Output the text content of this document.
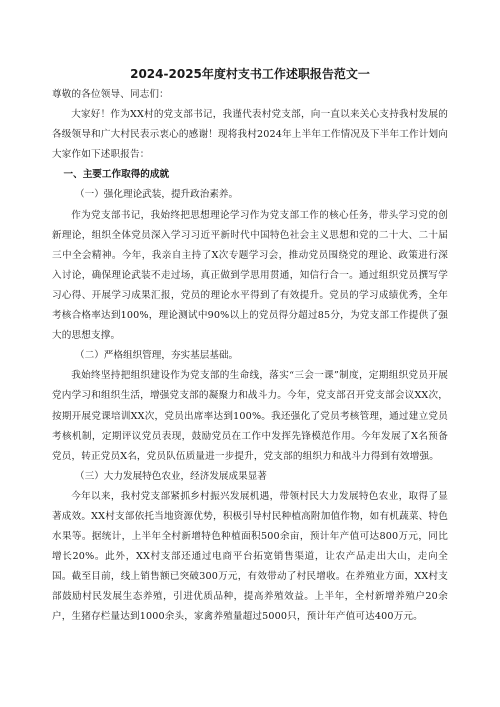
2024-2025年度村支书工作述职报告范文一

尊敬的各位领导、同志们：

大家好！作为XX村的党支部书记，我谨代表村党支部，向一直以来关心支持我村发展的各级领导和广大村民表示衷心的感谢！现将我村2024年上半年工作情况及下半年工作计划向大家作如下述职报告：

一、主要工作取得的成就

（一）强化理论武装，提升政治素养。

作为党支部书记，我始终把思想理论学习作为党支部工作的核心任务，带头学习党的创新理论，组织全体党员深入学习习近平新时代中国特色社会主义思想和党的二十大、二十届三中全会精神。今年，我亲自主持了X次专题学习会，推动党员围绕党的理论、政策进行深入讨论，确保理论武装不走过场，真正做到学思用贯通，知信行合一。通过组织党员撰写学习心得、开展学习成果汇报，党员的理论水平得到了有效提升。党员的学习成绩优秀，全年考核合格率达到100%，理论测试中90%以上的党员得分超过85分，为党支部工作提供了强大的思想支撑。

（二）严格组织管理，夯实基层基础。

我始终坚持把组织建设作为党支部的生命线，落实“三会一课”制度，定期组织党员开展党内学习和组织生活，增强党支部的凝聚力和战斗力。今年，党支部召开党支部会议XX次，按期开展党课培训XX次，党员出席率达到100%。我还强化了党员考核管理，通过建立党员考核机制，定期评议党员表现，鼓励党员在工作中发挥先锋模范作用。今年发展了X名预备党员，转正党员X名，党员队伍质量进一步提升，党支部的组织力和战斗力得到有效增强。

（三）大力发展特色农业，经济发展成果显著

今年以来，我村党支部紧抓乡村振兴发展机遇，带领村民大力发展特色农业，取得了显著成效。XX村支部依托当地资源优势，积极引导村民种植高附加值作物，如有机蔬菜、特色水果等。据统计，上半年全村新增特色种植面积500余亩，预计年产值可达800万元，同比增长20%。此外，XX村支部还通过电商平台拓宽销售渠道，让农产品走出大山，走向全国。截至目前，线上销售额已突破300万元，有效带动了村民增收。在养殖业方面，XX村支部鼓励村民发展生态养殖，引进优质品种，提高养殖效益。上半年，全村新增养殖户20余户，生猪存栏量达到1000余头，家禽养殖量超过5000只，预计年产值可达400万元。
